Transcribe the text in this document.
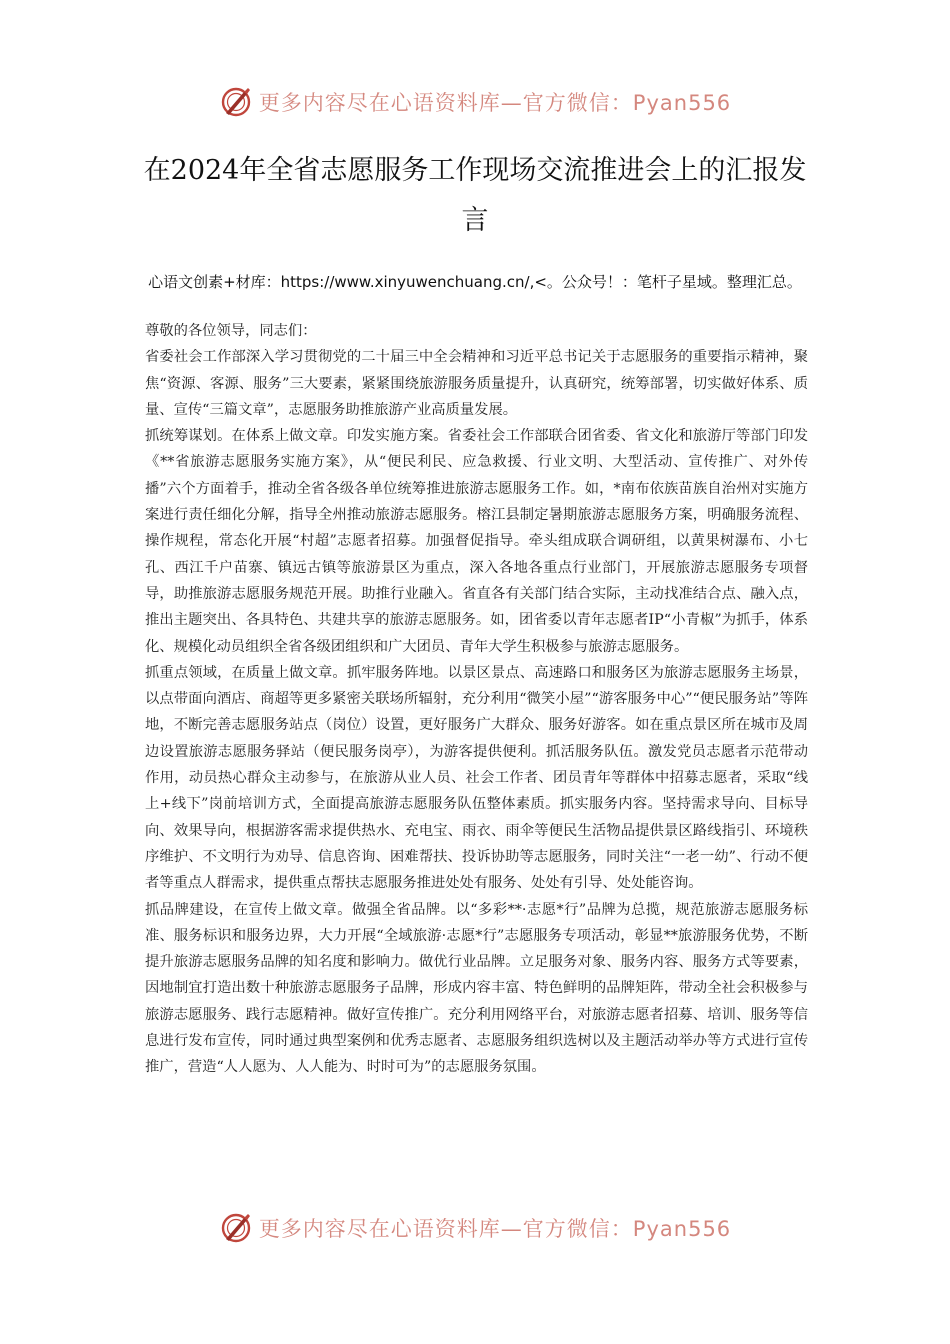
更多内容尽在心语资料库—官方微信：Pyan556
在2024年全省志愿服务工作现场交流推进会上的汇报发言

心语文创素+材库：https://www.xinyuwenchuang.cn/,<。公众号！：笔杆子星域。整理汇总。

尊敬的各位领导，同志们：

省委社会工作部深入学习贯彻党的二十届三中全会精神和习近平总书记关于志愿服务的重要指示精神，聚焦“资源、客源、服务”三大要素，紧紧围绕旅游服务质量提升，认真研究，统筹部署，切实做好体系、质量、宣传“三篇文章”，志愿服务助推旅游产业高质量发展。

抓统筹谋划。在体系上做文章。印发实施方案。省委社会工作部联合团省委、省文化和旅游厅等部门印发《**省旅游志愿服务实施方案》，从“便民利民、应急救援、行业文明、大型活动、宣传推广、对外传播”六个方面着手，推动全省各级各单位统筹推进旅游志愿服务工作。如，*南布依族苗族自治州对实施方案进行责任细化分解，指导全州推动旅游志愿服务。榕江县制定暑期旅游志愿服务方案，明确服务流程、操作规程，常态化开展“村超”志愿者招募。加强督促指导。牵头组成联合调研组，以黄果树瀑布、小七孔、西江千户苗寨、镇远古镇等旅游景区为重点，深入各地各重点行业部门，开展旅游志愿服务专项督导，助推旅游志愿服务规范开展。助推行业融入。省直各有关部门结合实际，主动找准结合点、融入点，推出主题突出、各具特色、共建共享的旅游志愿服务。如，团省委以青年志愿者IP“小青椒”为抓手，体系化、规模化动员组织全省各级团组织和广大团员、青年大学生积极参与旅游志愿服务。

抓重点领域，在质量上做文章。抓牢服务阵地。以景区景点、高速路口和服务区为旅游志愿服务主场景，以点带面向酒店、商超等更多紧密关联场所辐射，充分利用“微笑小屋”“游客服务中心”“便民服务站”等阵地，不断完善志愿服务站点（岗位）设置，更好服务广大群众、服务好游客。如在重点景区所在城市及周边设置旅游志愿服务驿站（便民服务岗亭），为游客提供便利。抓活服务队伍。激发党员志愿者示范带动作用，动员热心群众主动参与，在旅游从业人员、社会工作者、团员青年等群体中招募志愿者，采取“线上+线下”岗前培训方式，全面提高旅游志愿服务队伍整体素质。抓实服务内容。坚持需求导向、目标导向、效果导向，根据游客需求提供热水、充电宝、雨衣、雨伞等便民生活物品提供景区路线指引、环境秩序维护、不文明行为劝导、信息咨询、困难帮扶、投诉协助等志愿服务，同时关注“一老一幼”、行动不便者等重点人群需求，提供重点帮扶志愿服务推进处处有服务、处处有引导、处处能咨询。

抓品牌建设，在宣传上做文章。做强全省品牌。以“多彩**·志愿*行”品牌为总揽，规范旅游志愿服务标准、服务标识和服务边界，大力开展“全域旅游·志愿*行”志愿服务专项活动，彰显**旅游服务优势，不断提升旅游志愿服务品牌的知名度和影响力。做优行业品牌。立足服务对象、服务内容、服务方式等要素，因地制宜打造出数十种旅游志愿服务子品牌，形成内容丰富、特色鲜明的品牌矩阵，带动全社会积极参与旅游志愿服务、践行志愿精神。做好宣传推广。充分利用网络平台，对旅游志愿者招募、培训、服务等信息进行发布宣传，同时通过典型案例和优秀志愿者、志愿服务组织选树以及主题活动举办等方式进行宣传推广，营造“人人愿为、人人能为、时时可为”的志愿服务氛围。

更多内容尽在心语资料库—官方微信：Pyan556
